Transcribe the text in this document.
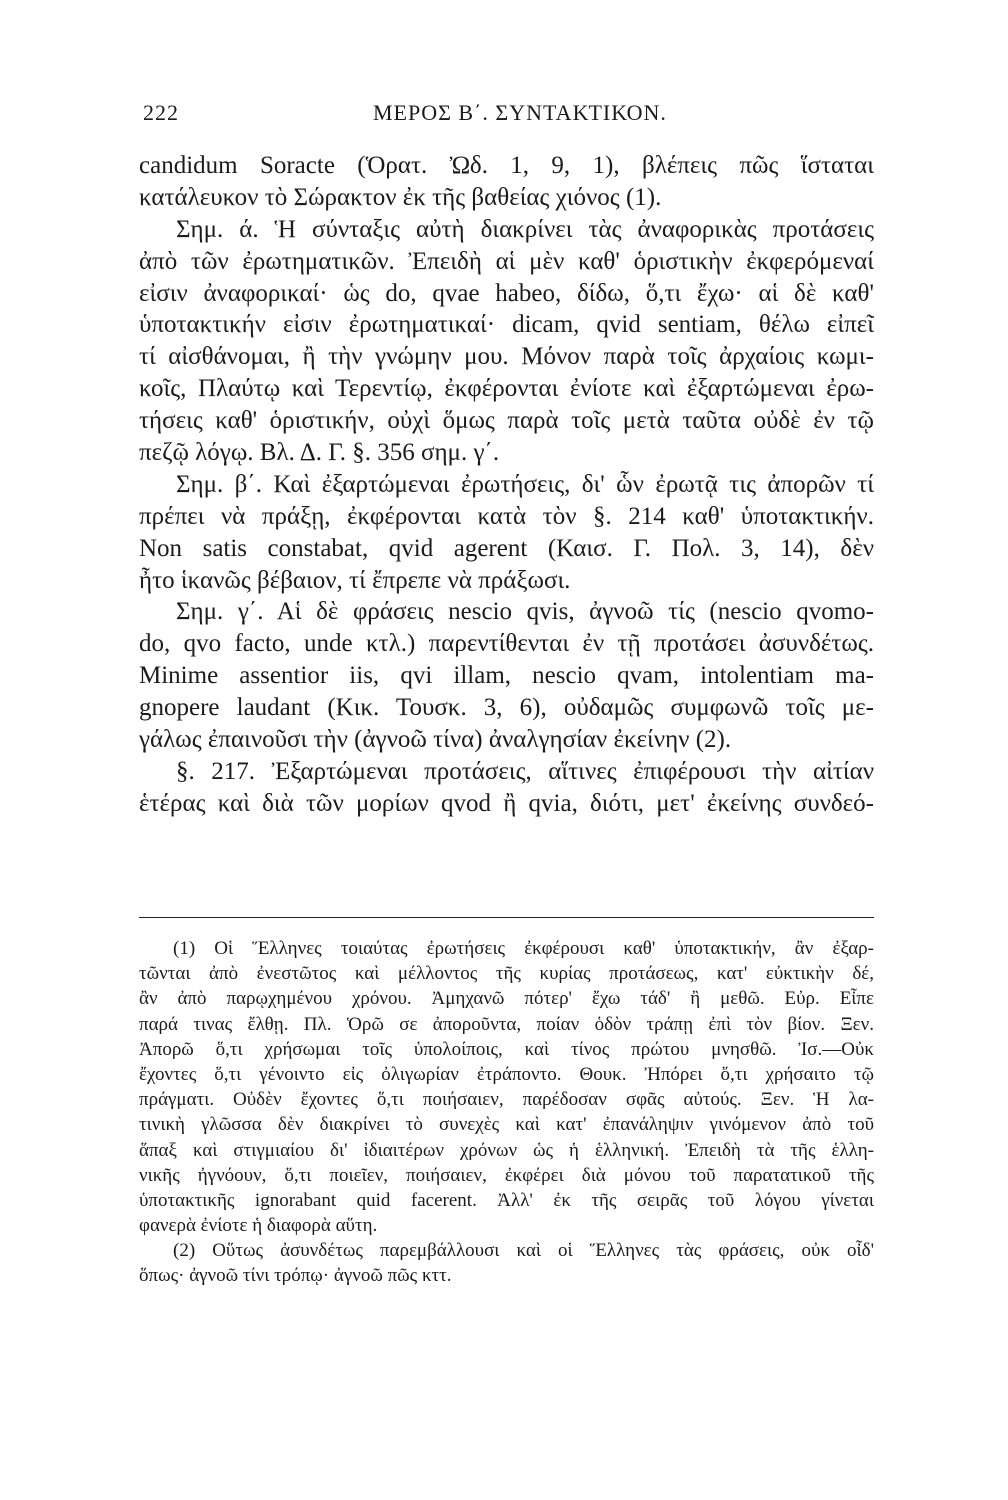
222	ΜΕΡΟΣ Β΄. ΣΥΝΤΑΚΤΙΚΟΝ.
candidum Soracte (Ὁρατ. Ὠδ. 1, 9, 1), βλέπεις πῶς ἵσταται
κατάλευκον τὸ Σώρακτον ἐκ τῆς βαθείας χιόνος (1).
Σημ. ά. Ἡ σύνταξις αὐτὴ διακρίνει τὰς ἀναφορικὰς προτάσεις
ἀπὸ τῶν ἐρωτηματικῶν. Ἐπειδὴ αἱ μὲν καθ' ὁριστικὴν ἐκφερόμεναί
εἰσιν ἀναφορικαί· ὡς do, qvae habeo, δίδω, ὅ,τι ἔχω· αἱ δὲ καθ'
ὑποτακτικήν εἰσιν ἐρωτηματικαί· dicam, qvid sentiam, θέλω εἰπεῖ
τί αἰσθάνομαι, ἢ τὴν γνώμην μου. Μόνον παρὰ τοῖς ἀρχαίοις κωμι-
κοῖς, Πλαύτῳ καὶ Τερεντίῳ, ἐκφέρονται ἐνίοτε καὶ ἐξαρτώμεναι ἐρω-
τήσεις καθ' ὁριστικήν, οὐχὶ ὅμως παρὰ τοῖς μετὰ ταῦτα οὐδὲ ἐν τῷ
πεζῷ λόγῳ. Βλ. Δ. Γ. §. 356 σημ. γ΄.
Σημ. β΄. Καὶ ἐξαρτώμεναι ἐρωτήσεις, δι' ὧν ἐρωτᾷ τις ἀπορῶν τί
πρέπει νὰ πράξῃ, ἐκφέρονται κατὰ τὸν §. 214 καθ' ὑποτακτικήν.
Non satis constabat, qvid agerent (Καισ. Γ. Πολ. 3, 14), δὲν
ἦτο ἱκανῶς βέβαιον, τί ἔπρεπε νὰ πράξωσι.
Σημ. γ΄. Αἱ δὲ φράσεις nescio qvis, ἀγνοῶ τίς (nescio qvomo-
do, qvo facto, unde κτλ.) παρεντίθενται ἐν τῇ προτάσει ἀσυνδέτως.
Minime assentior iis, qvi illam, nescio qvam, intolentiam ma-
gnopere laudant (Κικ. Τουσκ. 3, 6), οὐδαμῶς συμφωνῶ τοῖς με-
γάλως ἐπαινοῦσι τὴν (ἀγνοῶ τίνα) ἀναλγησίαν ἐκείνην (2).
§. 217. Ἐξαρτώμεναι προτάσεις, αἵτινες ἐπιφέρουσι τὴν αἰτίαν
ἑτέρας καὶ διὰ τῶν μορίων qvod ἢ qvia, διότι, μετ' ἐκείνης συνδεό-
(1) Οἱ Ἕλληνες τοιαύτας ἐρωτήσεις ἐκφέρουσι καθ' ὑποτακτικήν, ἂν ἐξαρ-
τῶνται ἀπὸ ἐνεστῶτος καὶ μέλλοντος τῆς κυρίας προτάσεως, κατ' εὐκτικὴν δέ,
ἂν ἀπὸ παρῳχημένου χρόνου. Ἀμηχανῶ πότερ' ἔχω τάδ' ἢ μεθῶ. Εὐρ. Εἶπε
παρά τινας ἔλθῃ. Πλ. Ὁρῶ σε ἀποροῦντα, ποίαν ὁδὸν τράπῃ ἐπὶ τὸν βίον. Ξεν.
Ἀπορῶ ὅ,τι χρήσωμαι τοῖς ὑπολοίποις, καὶ τίνος πρώτου μνησθῶ. Ἰσ.—Οὐκ
ἔχοντες ὅ,τι γένοιντο εἰς ὀλιγωρίαν ἐτράποντο. Θουκ. Ἠπόρει ὅ,τι χρήσαιτο τῷ
πράγματι. Οὐδὲν ἔχοντες ὅ,τι ποιήσαιεν, παρέδοσαν σφᾶς αὐτούς. Ξεν. Ἡ λα-
τινικὴ γλῶσσα δὲν διακρίνει τὸ συνεχὲς καὶ κατ' ἐπανάληψιν γινόμενον ἀπὸ τοῦ
ἅπαξ καὶ στιγμιαίου δι' ἰδιαιτέρων χρόνων ὡς ἡ ἑλληνική. Ἐπειδὴ τὰ τῆς ἑλλη-
νικῆς ἠγνόουν, ὅ,τι ποιεῖεν, ποιήσαιεν, ἐκφέρει διὰ μόνου τοῦ παρατατικοῦ τῆς
ὑποτακτικῆς ignorabant quid facerent. Ἀλλ' ἐκ τῆς σειρᾶς τοῦ λόγου γίνεται
φανερὰ ἐνίοτε ἡ διαφορὰ αὕτη.
(2) Οὕτως ἀσυνδέτως παρεμβάλλουσι καὶ οἱ Ἕλληνες τὰς φράσεις, οὐκ οἶδ'
ὅπως· ἀγνοῶ τίνι τρόπῳ· ἀγνοῶ πῶς κττ.
